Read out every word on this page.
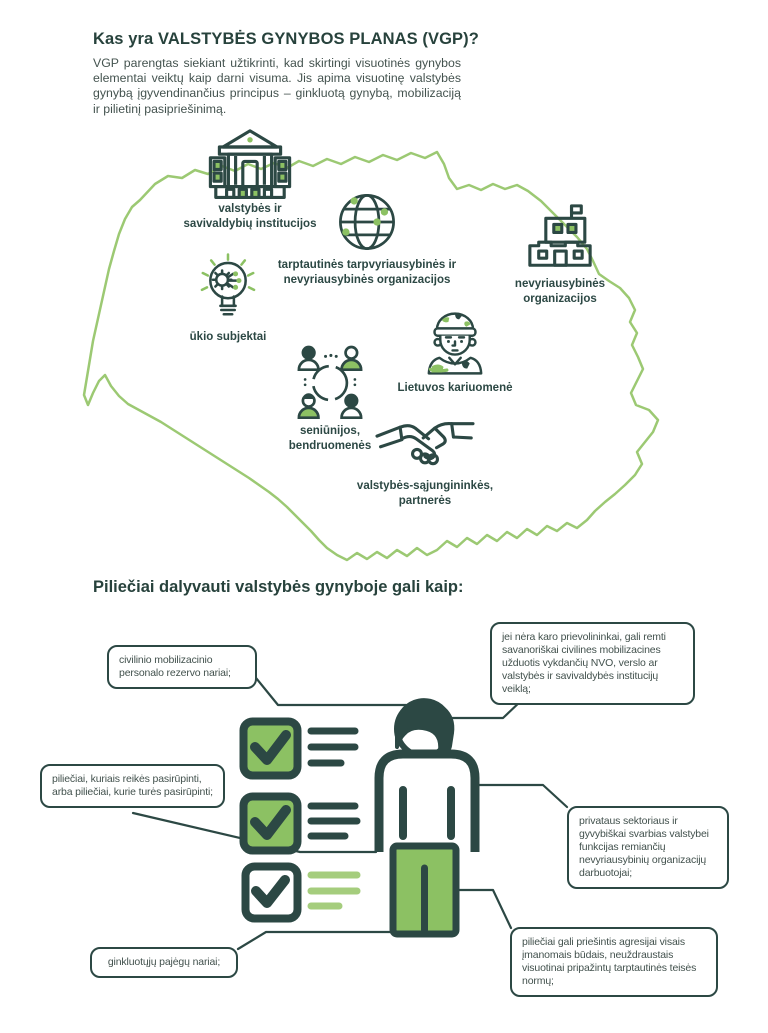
Kas yra VALSTYBĖS GYNYBOS PLANAS (VGP)?

VGP parengtas siekiant užtikrinti, kad skirtingi visuotinės gynybos elementai veiktų kaip darni visuma. Jis apima visuotinę valstybės gynybą įgyvendinančius principus – ginkluotą gynybą, mobilizaciją ir pilietinį pasipriešinimą.

valstybės ir
savivaldybių institucijos
tarptautinės tarpvyriausybinės ir
nevyriausybinės organizacijos	nevyriausybinės
organizacijos
ūkio subjektai
Lietuvos kariuomenė
seniūnijos,
bendruomenės
valstybės-sąjungininkės,
partnerės
Piliečiai dalyvauti valstybės gynyboje gali kaip:
civilinio mobilizacinio personalo rezervo nariai;
jei nėra karo prievolininkai, gali remti savanoriškai civilines mobilizacines užduotis vykdančių NVO, verslo ar valstybės ir savivaldybės institucijų veiklą;
piliečiai, kuriais reikės pasirūpinti, arba piliečiai, kurie turės pasirūpinti;
privataus sektoriaus ir gyvybiškai svarbias valstybei funkcijas remiančių nevyriausybinių organizacijų darbuotojai;
ginkluotųjų pajėgų nariai;
piliečiai gali priešintis agresijai visais įmanomais būdais, neuždraustais visuotinai pripažintų tarptautinės teisės normų;
